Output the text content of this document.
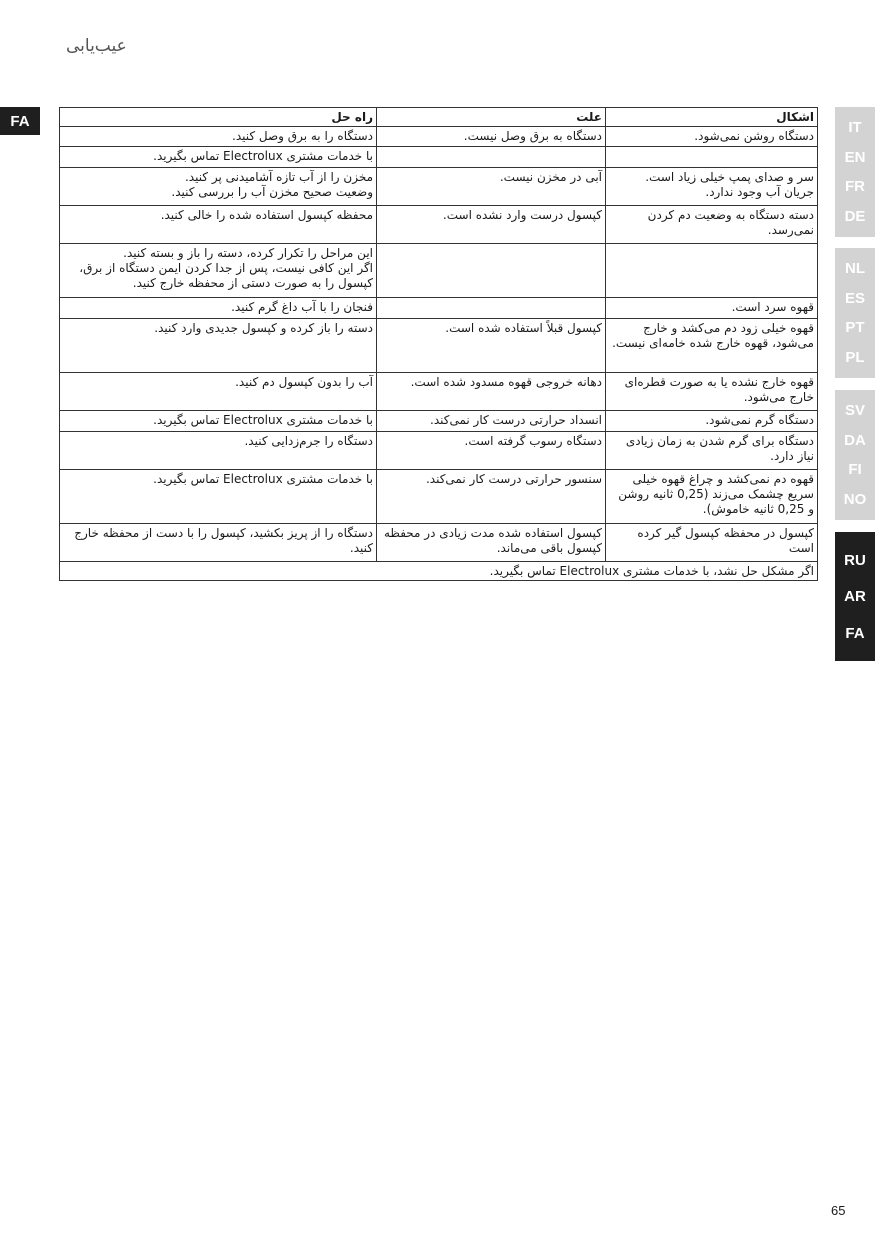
عیب‌یابی
FA	IT
EN
FR
DE
NL
ES
PT
PL
SV
DA
FI
NO
RU
AR
FA
اشکال	علت	راه حل

دستگاه روشن نمی‌شود.	دستگاه به برق وصل نیست.	دستگاه را به برق وصل کنید.

		با خدمات مشتری Electrolux تماس بگیرید.

سر و صدای پمپ خیلی زیاد است.
جریان آب وجود ندارد.	آبی در مخزن نیست.	مخزن را از آب تازه آشامیدنی پر کنید.
وضعیت صحیح مخزن آب را بررسی کنید.

دسته دستگاه به وضعیت دم کردن نمی‌رسد.	کپسول درست وارد نشده است.	محفظه کپسول استفاده شده را خالی کنید.

		این مراحل را تکرار کرده، دسته را باز و بسته کنید.
اگر این کافی نیست، پس از جدا کردن ایمن دستگاه از برق، کپسول را به صورت دستی از محفظه خارج کنید.

قهوه سرد است.		فنجان را با آب داغ گرم کنید.

قهوه خیلی زود دم می‌کشد و خارج می‌شود، قهوه خارج شده خامه‌ای نیست.	کپسول قبلاً استفاده شده است.	دسته را باز کرده و کپسول جدیدی وارد کنید.

قهوه خارج نشده یا به صورت قطره‌ای خارج می‌شود.	دهانه خروجی قهوه مسدود شده است.	آب را بدون کپسول دم کنید.

دستگاه گرم نمی‌شود.	انسداد حرارتی درست کار نمی‌کند.	با خدمات مشتری Electrolux تماس بگیرید.

دستگاه برای گرم شدن به زمان زیادی نیاز دارد.	دستگاه رسوب گرفته است.	دستگاه را جرم‌زدایی کنید.

قهوه دم نمی‌کشد و چراغ قهوه خیلی سریع چشمک می‌زند (0,25 ثانیه روشن و 0,25 ثانیه خاموش).	سنسور حرارتی درست کار نمی‌کند.	با خدمات مشتری Electrolux تماس بگیرید.

کپسول در محفظه کپسول گیر کرده است	کپسول استفاده شده مدت زیادی در محفظه کپسول باقی می‌ماند.	دستگاه را از پریز بکشید، کپسول را با دست از محفظه خارج کنید.

اگر مشکل حل نشد، با خدمات مشتری Electrolux تماس بگیرید.		
65
